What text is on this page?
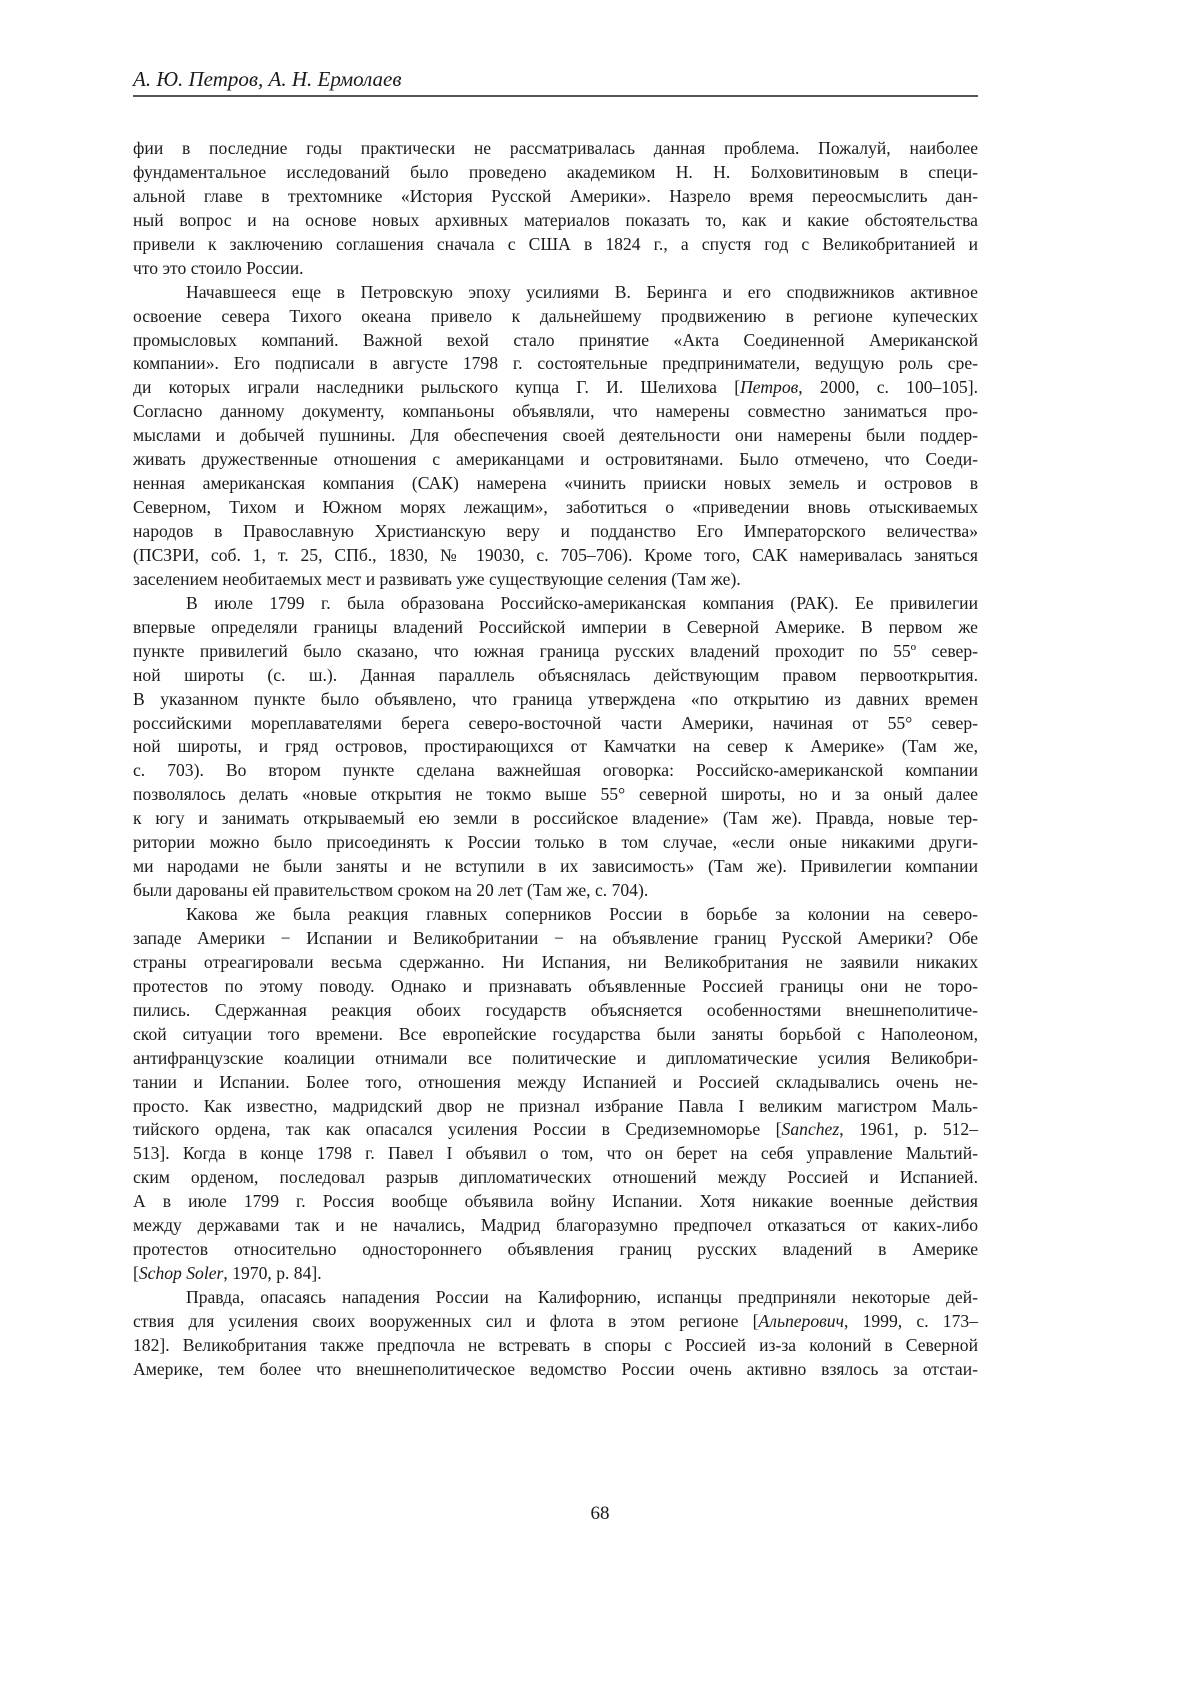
А. Ю. Петров, А. Н. Ермолаев
фии в последние годы практически не рассматривалась данная проблема. Пожалуй, наиболее
фундаментальное исследований было проведено академиком Н. Н. Болховитиновым в специ-
альной главе в трехтомнике «История Русской Америки». Назрело время переосмыслить дан-
ный вопрос и на основе новых архивных материалов показать то, как и какие обстоятельства
привели к заключению соглашения сначала с США в 1824 г., а спустя год с Великобританией и
что это стоило России.
Начавшееся еще в Петровскую эпоху усилиями В. Беринга и его сподвижников активное
освоение севера Тихого океана привело к дальнейшему продвижению в регионе купеческих
промысловых компаний. Важной вехой стало принятие «Акта Соединенной Американской
компании». Его подписали в августе 1798 г. состоятельные предприниматели, ведущую роль сре-
ди которых играли наследники рыльского купца Г. И. Шелихова [Петров, 2000, с. 100–105].
Согласно данному документу, компаньоны объявляли, что намерены совместно заниматься про-
мыслами и добычей пушнины. Для обеспечения своей деятельности они намерены были поддер-
живать дружественные отношения с американцами и островитянами. Было отмечено, что Соеди-
ненная американская компания (САК) намерена «чинить прииски новых земель и островов в
Северном, Тихом и Южном морях лежащим», заботиться о «приведении вновь отыскиваемых
народов в Православную Христианскую веру и подданство Его Императорского величества»
(ПСЗРИ, соб. 1, т. 25, СПб., 1830, № 19030, с. 705–706). Кроме того, САК намеривалась заняться
заселением необитаемых мест и развивать уже существующие селения (Там же).
В июле 1799 г. была образована Российско-американская компания (РАК). Ее привилегии
впервые определяли границы владений Российской империи в Северной Америке. В первом же
пункте привилегий было сказано, что южная граница русских владений проходит по 55º север-
ной широты (с. ш.). Данная параллель объяснялась действующим правом первооткрытия.
В указанном пункте было объявлено, что граница утверждена «по открытию из давних времен
российскими мореплавателями берега северо-восточной части Америки, начиная от 55° север-
ной широты, и гряд островов, простирающихся от Камчатки на север к Америке» (Там же,
с. 703). Во втором пункте сделана важнейшая оговорка: Российско-американской компании
позволялось делать «новые открытия не токмо выше 55° северной широты, но и за оный далее
к югу и занимать открываемый ею земли в российское владение» (Там же). Правда, новые тер-
ритории можно было присоединять к России только в том случае, «если оные никакими други-
ми народами не были заняты и не вступили в их зависимость» (Там же). Привилегии компании
были дарованы ей правительством сроком на 20 лет (Там же, с. 704).
Какова же была реакция главных соперников России в борьбе за колонии на северо-
западе Америки − Испании и Великобритании − на объявление границ Русской Америки? Обе
страны отреагировали весьма сдержанно. Ни Испания, ни Великобритания не заявили никаких
протестов по этому поводу. Однако и признавать объявленные Россией границы они не торо-
пились. Сдержанная реакция обоих государств объясняется особенностями внешнеполитиче-
ской ситуации того времени. Все европейские государства были заняты борьбой с Наполеоном,
антифранцузские коалиции отнимали все политические и дипломатические усилия Великобри-
тании и Испании. Более того, отношения между Испанией и Россией складывались очень не-
просто. Как известно, мадридский двор не признал избрание Павла I великим магистром Маль-
тийского ордена, так как опасался усиления России в Средиземноморье [Sanchez, 1961, p. 512–
513]. Когда в конце 1798 г. Павел I объявил о том, что он берет на себя управление Мальтий-
ским орденом, последовал разрыв дипломатических отношений между Россией и Испанией.
А в июле 1799 г. Россия вообще объявила войну Испании. Хотя никакие военные действия
между державами так и не начались, Мадрид благоразумно предпочел отказаться от каких-либо
протестов относительно одностороннего объявления границ русских владений в Америке
[Schop Soler, 1970, p. 84].
Правда, опасаясь нападения России на Калифорнию, испанцы предприняли некоторые дей-
ствия для усиления своих вооруженных сил и флота в этом регионе [Альперович, 1999, с. 173–
182]. Великобритания также предпочла не встревать в споры с Россией из-за колоний в Северной
Америке, тем более что внешнеполитическое ведомство России очень активно взялось за отстаи-
68
